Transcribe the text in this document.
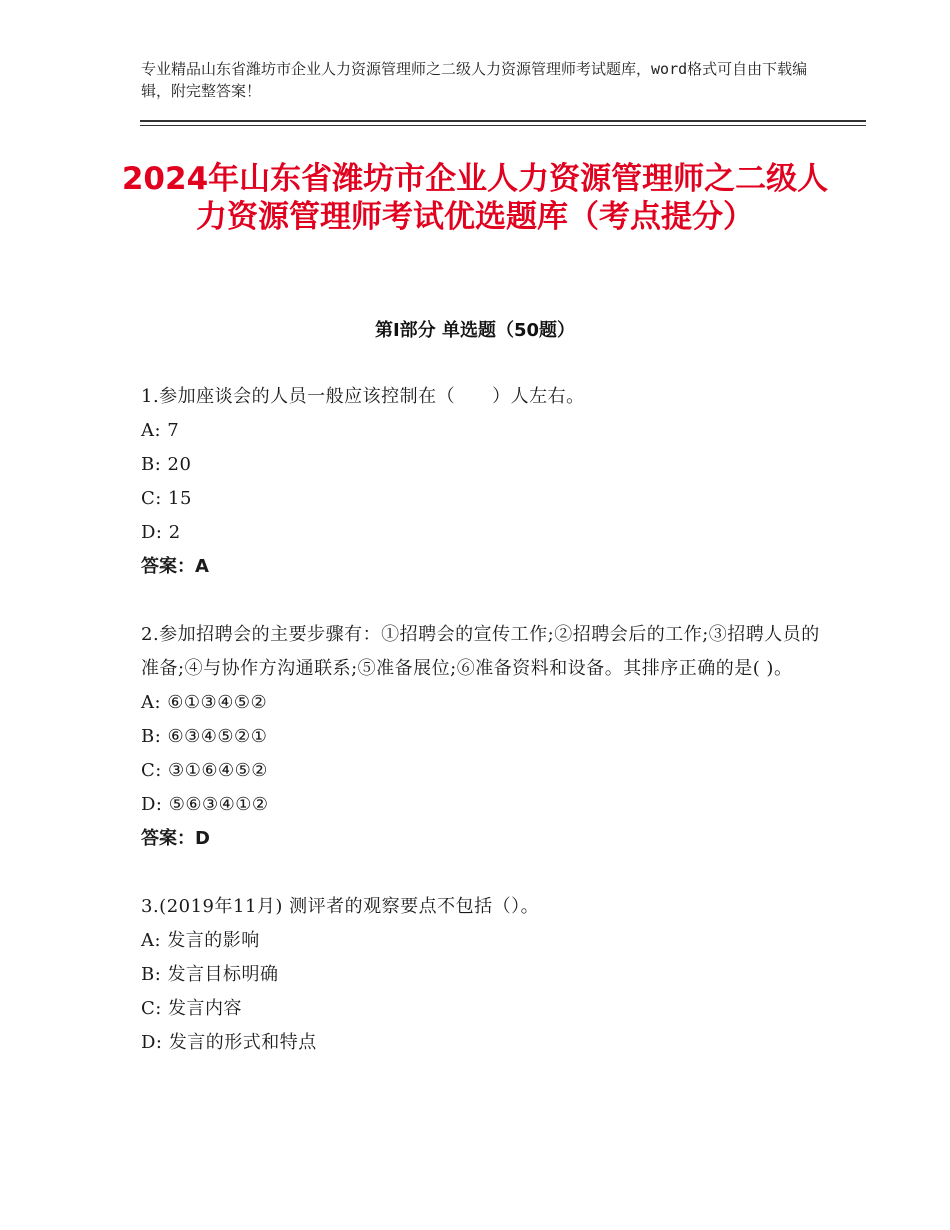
专业精品山东省潍坊市企业人力资源管理师之二级人力资源管理师考试题库，word格式可自由下载编辑，附完整答案！
2024年山东省潍坊市企业人力资源管理师之二级人力资源管理师考试优选题库（考点提分）
第Ⅰ部分 单选题（50题）
1.参加座谈会的人员一般应该控制在（　　）人左右。
A: 7
B: 20
C: 15
D: 2
答案：A
2.参加招聘会的主要步骤有：①招聘会的宣传工作;②招聘会后的工作;③招聘人员的准备;④与协作方沟通联系;⑤准备展位;⑥准备资料和设备。其排序正确的是( )。
A: ⑥①③④⑤②
B: ⑥③④⑤②①
C: ③①⑥④⑤②
D: ⑤⑥③④①②
答案：D
3.(2019年11月) 测评者的观察要点不包括（）。
A: 发言的影响
B: 发言目标明确
C: 发言内容
D: 发言的形式和特点
